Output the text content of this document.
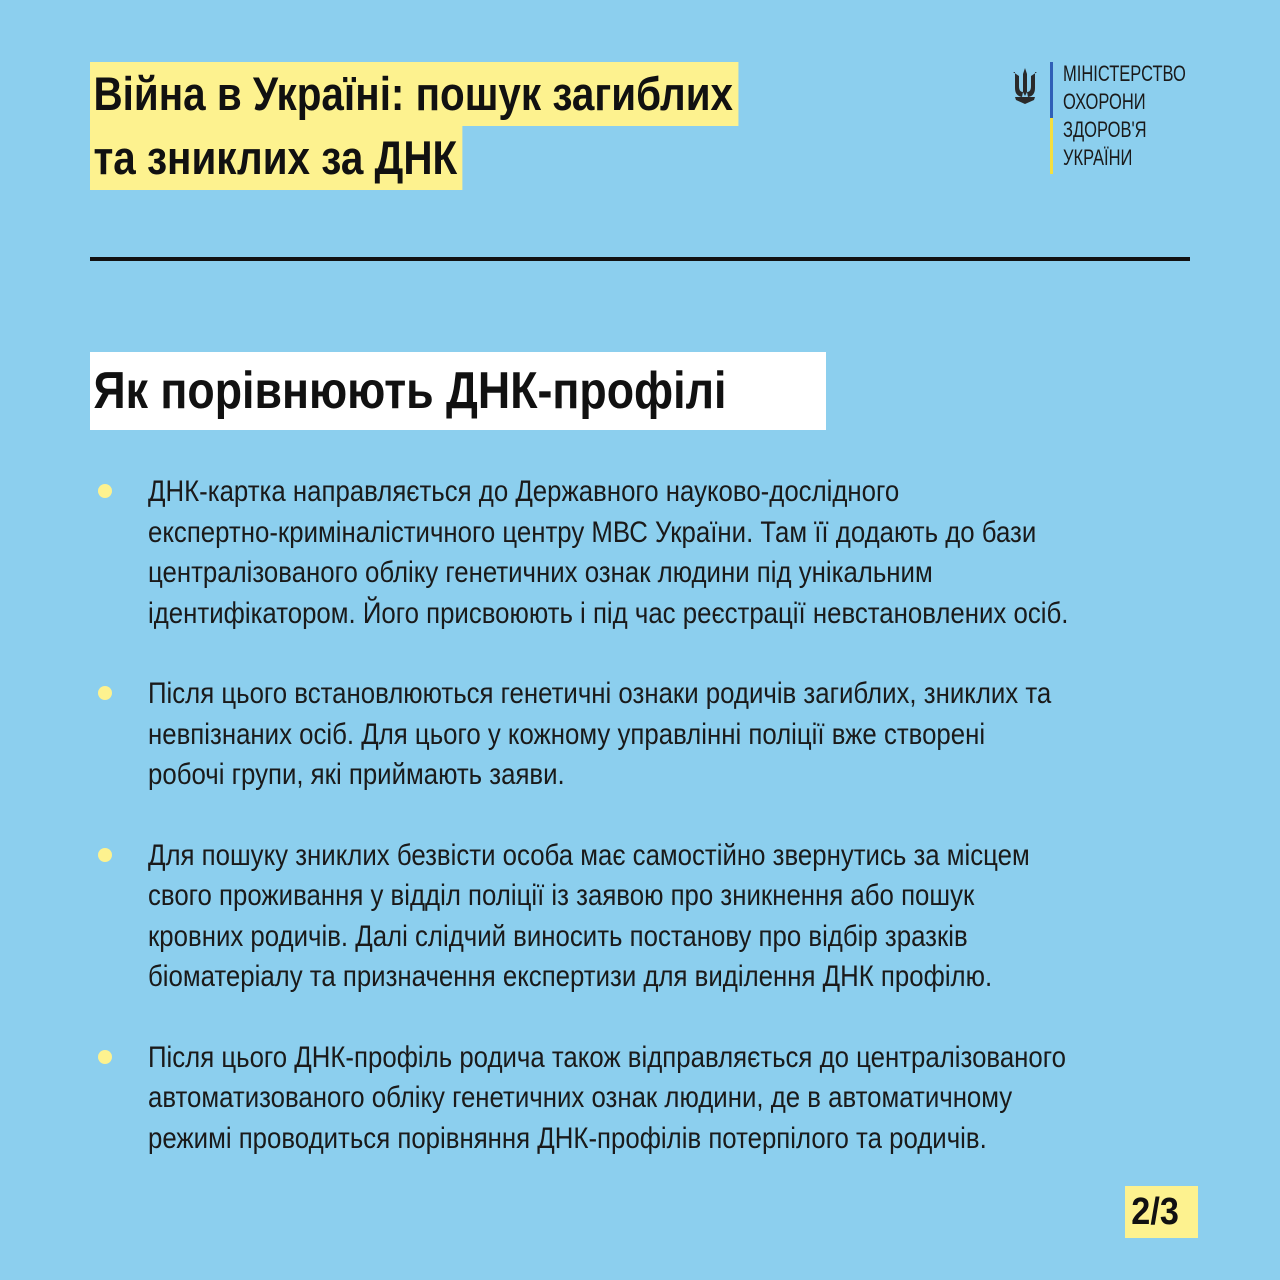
Війна в Україні: пошук загиблих
та зниклих за ДНК
МІНІСТЕРСТВО
ОХОРОНИ
ЗДОРОВ'Я
УКРАЇНИ
Як порівнюють ДНК-профілі
ДНК-картка направляється до Державного науково-дослідного
експертно-криміналістичного центру МВС України. Там її додають до бази
централізованого обліку генетичних ознак людини під унікальним
ідентифікатором. Його присвоюють і під час реєстрації невстановлених осіб.
Після цього встановлюються генетичні ознаки родичів загиблих, зниклих та
невпізнаних осіб. Для цього у кожному управлінні поліції вже створені
робочі групи, які приймають заяви.
Для пошуку зниклих безвісти особа має самостійно звернутись за місцем
свого проживання у відділ поліції із заявою про зникнення або пошук
кровних родичів. Далі слідчий виносить постанову про відбір зразків
біоматеріалу та призначення експертизи для виділення ДНК профілю.
Після цього ДНК-профіль родича також відправляється до централізованого
автоматизованого обліку генетичних ознак людини, де в автоматичному
режимі проводиться порівняння ДНК-профілів потерпілого та родичів.
2/3
